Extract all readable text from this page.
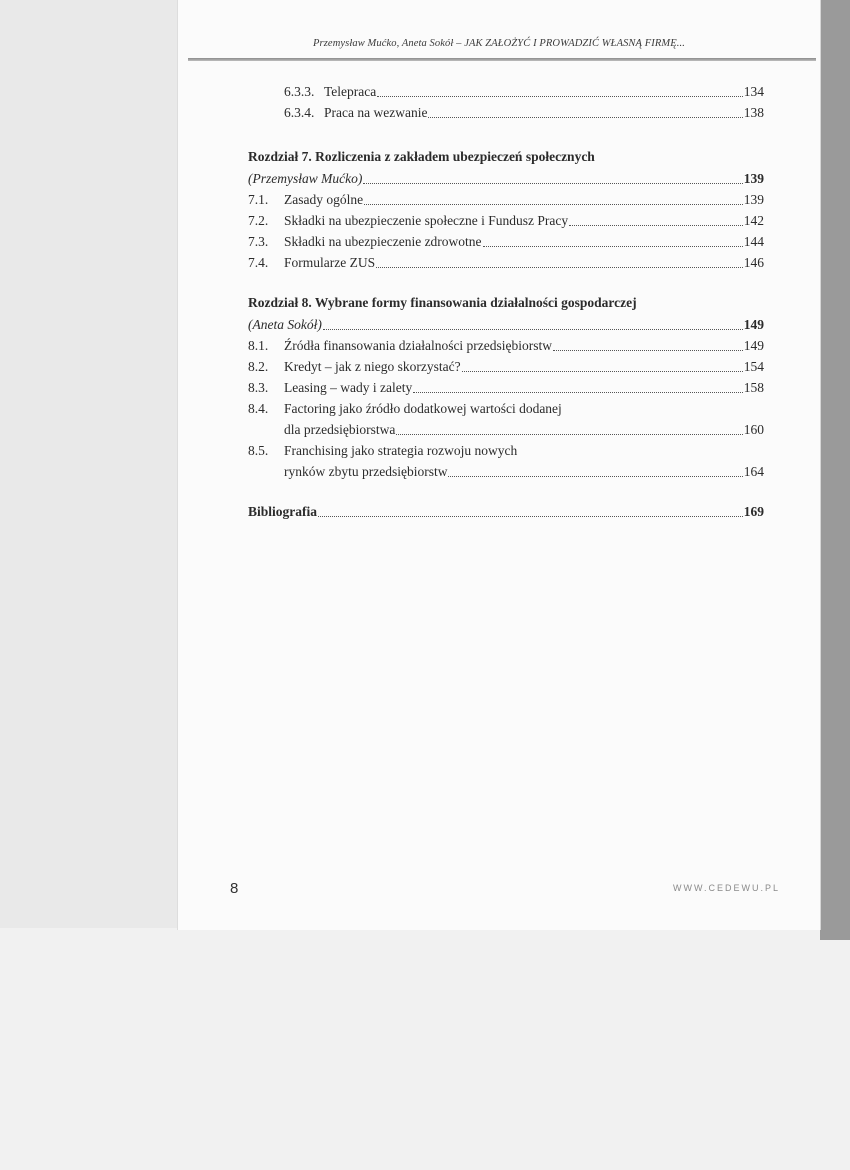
Przemysław Mućko, Aneta Sokół – JAK ZAŁOŻYĆ I PROWADZIĆ WŁASNĄ FIRMĘ...
6.3.3. Telepraca	134
6.3.4. Praca na wezwanie	138
Rozdział 7. Rozliczenia z zakładem ubezpieczeń społecznych
(Przemysław Mućko)	139
7.1.	Zasady ogólne	139
7.2.	Składki na ubezpieczenie społeczne i Fundusz Pracy	142
7.3.	Składki na ubezpieczenie zdrowotne	144
7.4.	Formularze ZUS	146
Rozdział 8. Wybrane formy finansowania działalności gospodarczej
(Aneta Sokół)	149
8.1.	Źródła finansowania działalności przedsiębiorstw	149
8.2.	Kredyt – jak z niego skorzystać?	154
8.3.	Leasing – wady i zalety	158
8.4. Factoring jako źródło dodatkowej wartości dodanej
dla przedsiębiorstwa	160
8.5. Franchising jako strategia rozwoju nowych
rynków zbytu przedsiębiorstw	164
Bibliografia	169
8	WWW.CEDEWU.PL
